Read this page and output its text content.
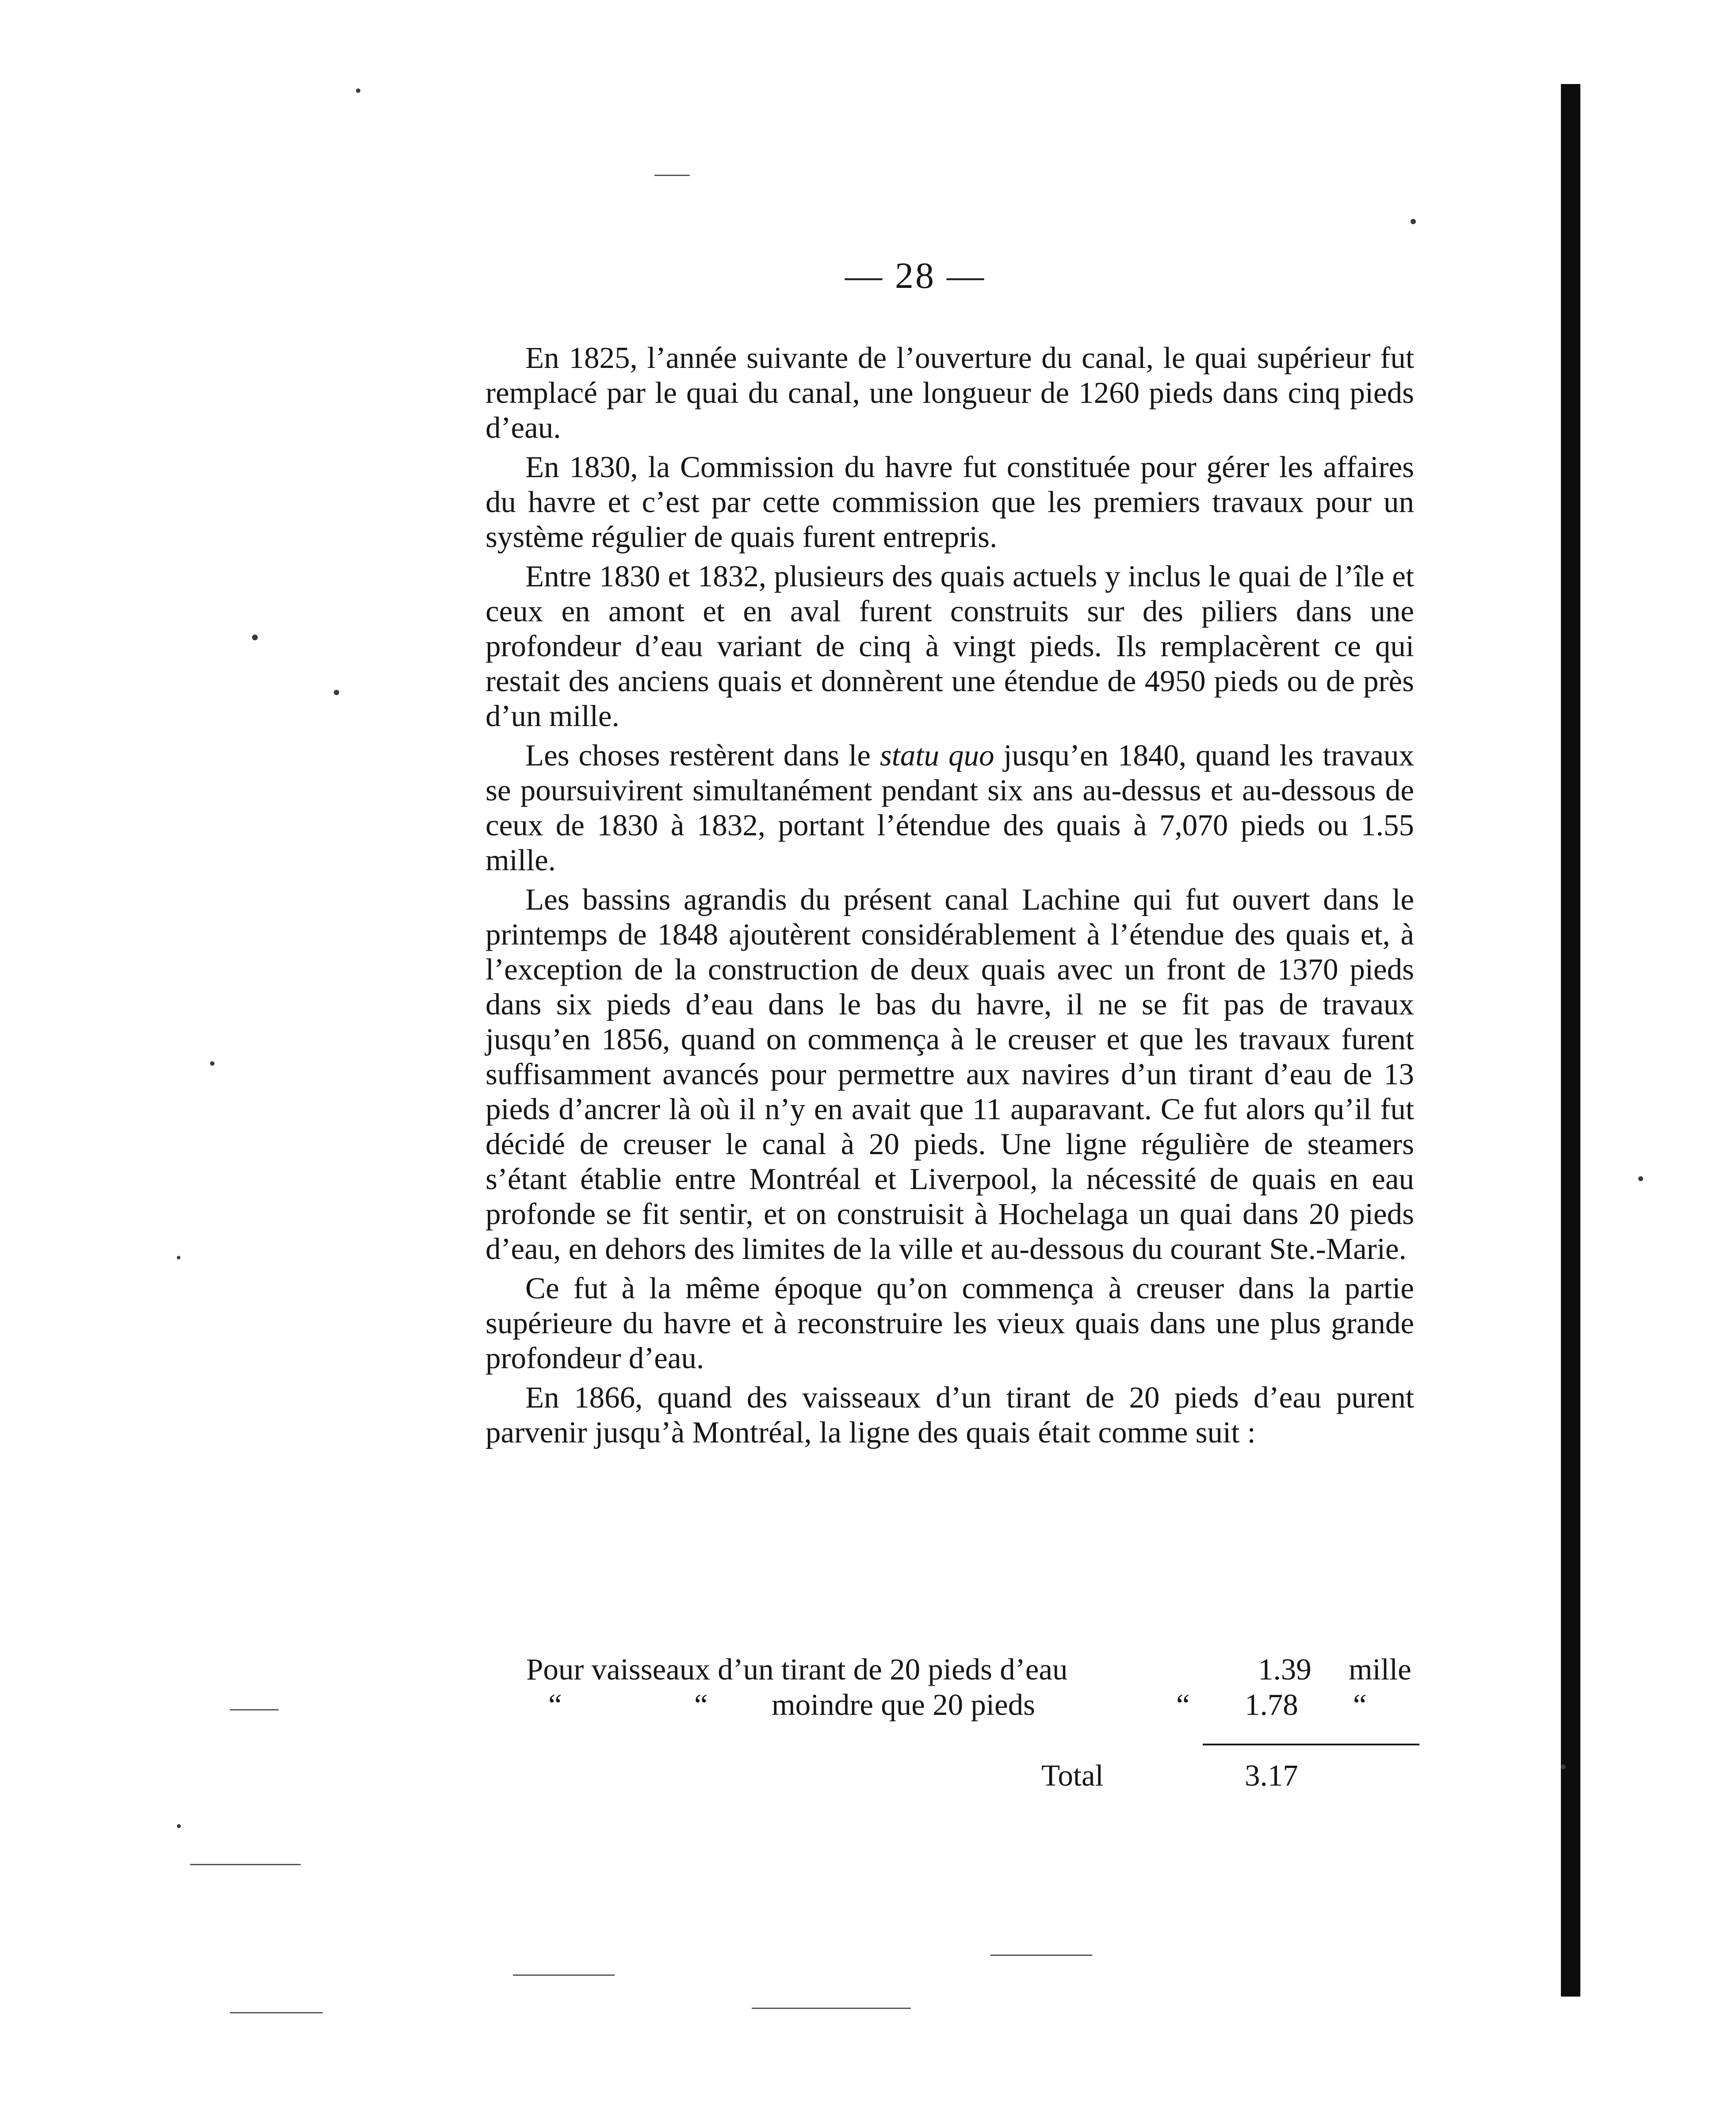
— 28 —

En 1825, l’année suivante de l’ouverture du canal, le quai supérieur fut remplacé par le quai du canal, une longueur de 1260 pieds dans cinq pieds d’eau.

En 1830, la Commission du havre fut constituée pour gérer les affaires du havre et c’est par cette commission que les premiers travaux pour un système régulier de quais furent entrepris.

Entre 1830 et 1832, plusieurs des quais actuels y inclus le quai de l’île et ceux en amont et en aval furent construits sur des piliers dans une profondeur d’eau variant de cinq à vingt pieds. Ils remplacèrent ce qui restait des anciens quais et donnèrent une étendue de 4950 pieds ou de près d’un mille.

Les choses restèrent dans le statu quo jusqu’en 1840, quand les travaux se poursuivirent simultanément pendant six ans au-dessus et au-dessous de ceux de 1830 à 1832, portant l’étendue des quais à 7,070 pieds ou 1.55 mille.

Les bassins agrandis du présent canal Lachine qui fut ouvert dans le printemps de 1848 ajoutèrent considérablement à l’étendue des quais et, à l’exception de la construction de deux quais avec un front de 1370 pieds dans six pieds d’eau dans le bas du havre, il ne se fit pas de travaux jusqu’en 1856, quand on commença à le creuser et que les travaux furent suffisamment avancés pour permettre aux navires d’un tirant d’eau de 13 pieds d’ancrer là où il n’y en avait que 11 auparavant. Ce fut alors qu’il fut décidé de creuser le canal à 20 pieds. Une ligne régulière de steamers s’étant établie entre Montréal et Liverpool, la nécessité de quais en eau profonde se fit sentir, et on construisit à Hochelaga un quai dans 20 pieds d’eau, en dehors des limites de la ville et au-dessous du courant Ste.-Marie.

Ce fut à la même époque qu’on commença à creuser dans la partie supérieure du havre et à reconstruire les vieux quais dans une plus grande profondeur d’eau.

En 1866, quand des vaisseaux d’un tirant de 20 pieds d’eau purent parvenir jusqu’à Montréal, la ligne des quais était comme suit :

Pour vaisseaux d’un tirant de 20 pieds d’eau	1.39 mille
“	“ moindre que 20 pieds	“ 1.78 “
Total	3.17
